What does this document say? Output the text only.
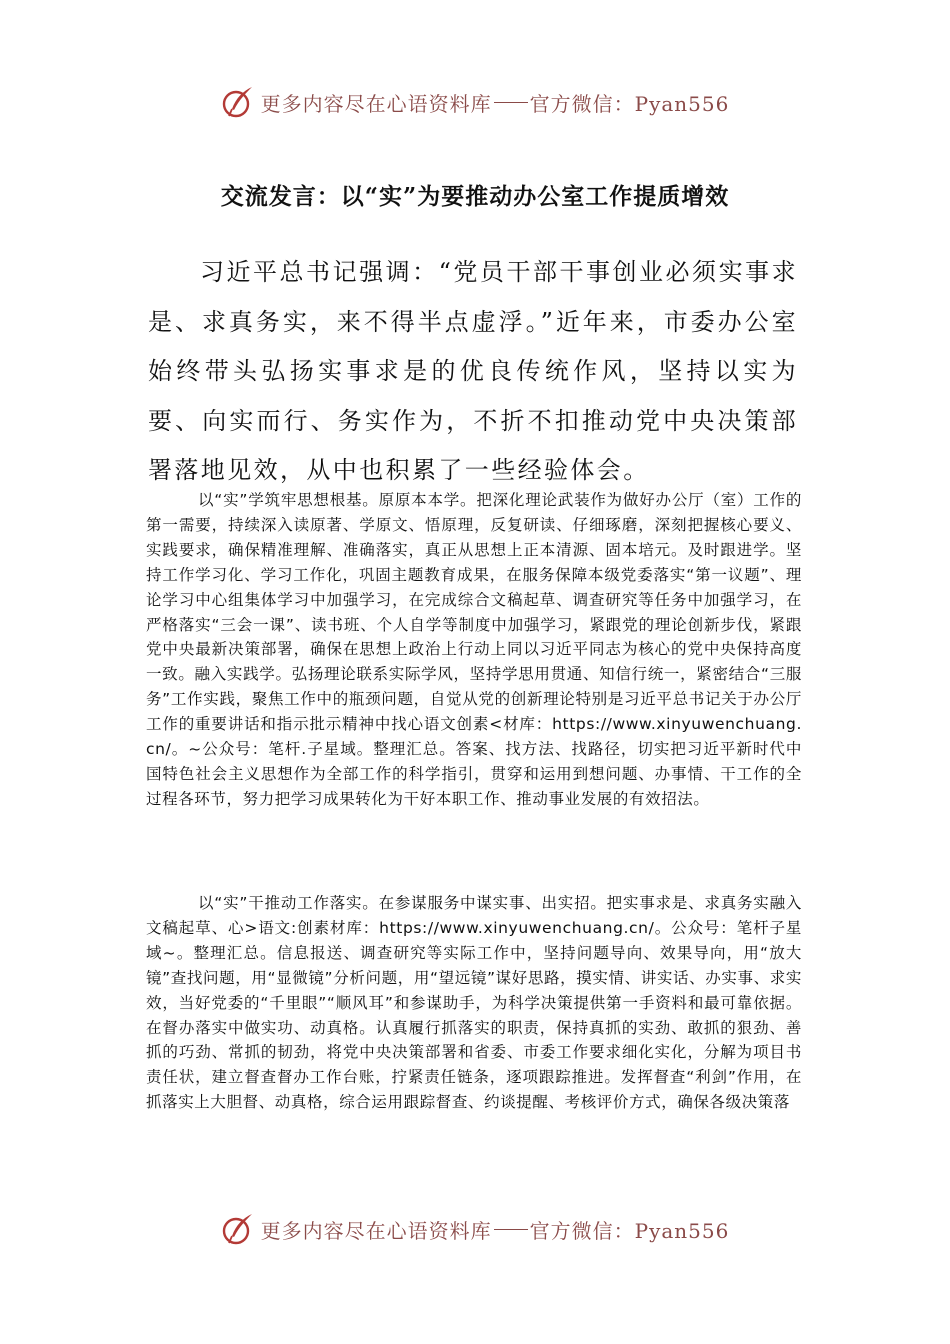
更多内容尽在心语资料库 官方微信：Pyan556
交流发言：以“实”为要推动办公室工作提质增效

习近平总书记强调：“党员干部干事创业必须实事求是、求真务实，来不得半点虚浮。”近年来，市委办公室始终带头弘扬实事求是的优良传统作风，坚持以实为要、向实而行、务实作为，不折不扣推动党中央决策部署落地见效，从中也积累了一些经验体会。

以“实”学筑牢思想根基。原原本本学。把深化理论武装作为做好办公厅（室）工作的第一需要，持续深入读原著、学原文、悟原理，反复研读、仔细琢磨，深刻把握核心要义、实践要求，确保精准理解、准确落实，真正从思想上正本清源、固本培元。及时跟进学。坚持工作学习化、学习工作化，巩固主题教育成果，在服务保障本级党委落实“第一议题”、理论学习中心组集体学习中加强学习，在完成综合文稿起草、调查研究等任务中加强学习，在严格落实“三会一课”、读书班、个人自学等制度中加强学习，紧跟党的理论创新步伐，紧跟党中央最新决策部署，确保在思想上政治上行动上同以习近平同志为核心的党中央保持高度一致。融入实践学。弘扬理论联系实际学风，坚持学思用贯通、知信行统一，紧密结合“三服务”工作实践，聚焦工作中的瓶颈问题，自觉从党的创新理论特别是习近平总书记关于办公厅工作的重要讲话和指示批示精神中找心语文创素<材库：https://www.xinyuwenchuang.cn/。~公众号：笔杆.子星域。整理汇总。答案、找方法、找路径，切实把习近平新时代中国特色社会主义思想作为全部工作的科学指引，贯穿和运用到想问题、办事情、干工作的全过程各环节，努力把学习成果转化为干好本职工作、推动事业发展的有效招法。

以“实”干推动工作落实。在参谋服务中谋实事、出实招。把实事求是、求真务实融入文稿起草、心>语文:创素材库：https://www.xinyuwenchuang.cn/。公众号：笔杆子星域~。整理汇总。信息报送、调查研究等实际工作中，坚持问题导向、效果导向，用“放大镜”查找问题，用“显微镜”分析问题，用“望远镜”谋好思路，摸实情、讲实话、办实事、求实效，当好党委的“千里眼”“顺风耳”和参谋助手，为科学决策提供第一手资料和最可靠依据。在督办落实中做实功、动真格。认真履行抓落实的职责，保持真抓的实劲、敢抓的狠劲、善抓的巧劲、常抓的韧劲，将党中央决策部署和省委、市委工作要求细化实化，分解为项目书责任状，建立督查督办工作台账，拧紧责任链条，逐项跟踪推进。发挥督查“利剑”作用，在抓落实上大胆督、动真格，综合运用跟踪督查、约谈提醒、考核评价方式，确保各级决策落

更多内容尽在心语资料库 官方微信：Pyan556
